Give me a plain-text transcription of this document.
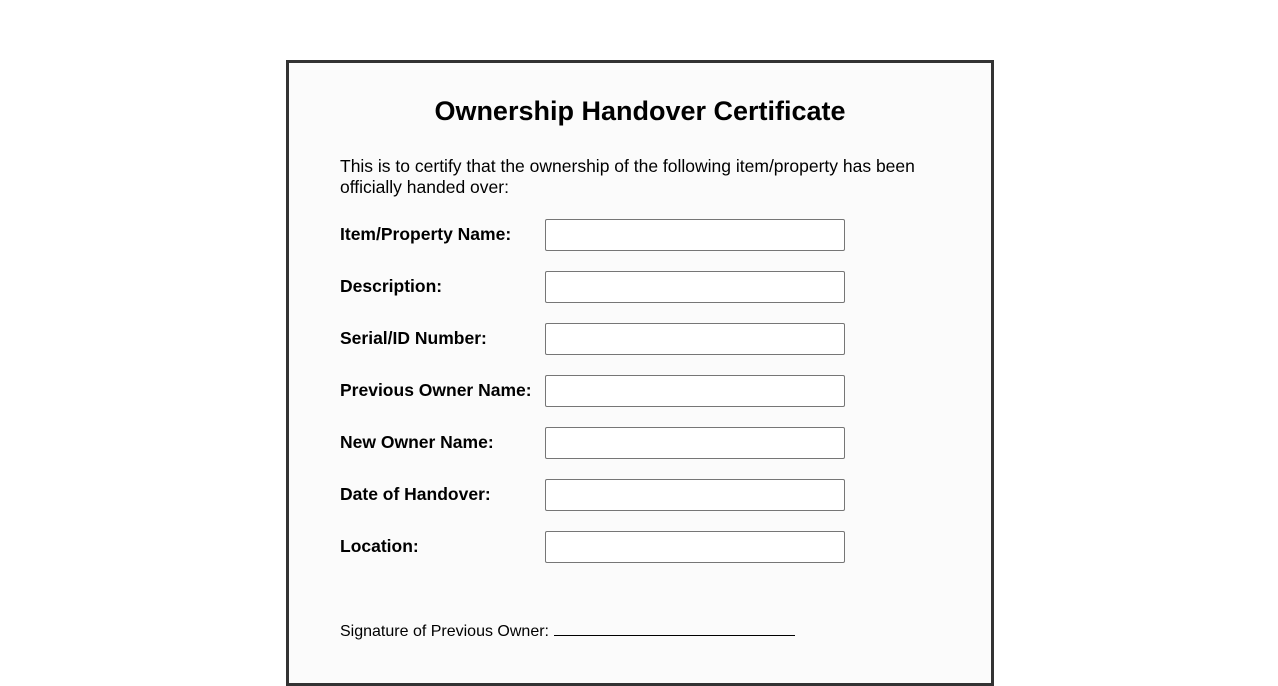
Ownership Handover Certificate

This is to certify that the ownership of the following item/property has been officially handed over:

Item/Property Name:
Description:
Serial/ID Number:
Previous Owner Name:
New Owner Name:
Date of Handover:
Location:
Signature of Previous Owner:
